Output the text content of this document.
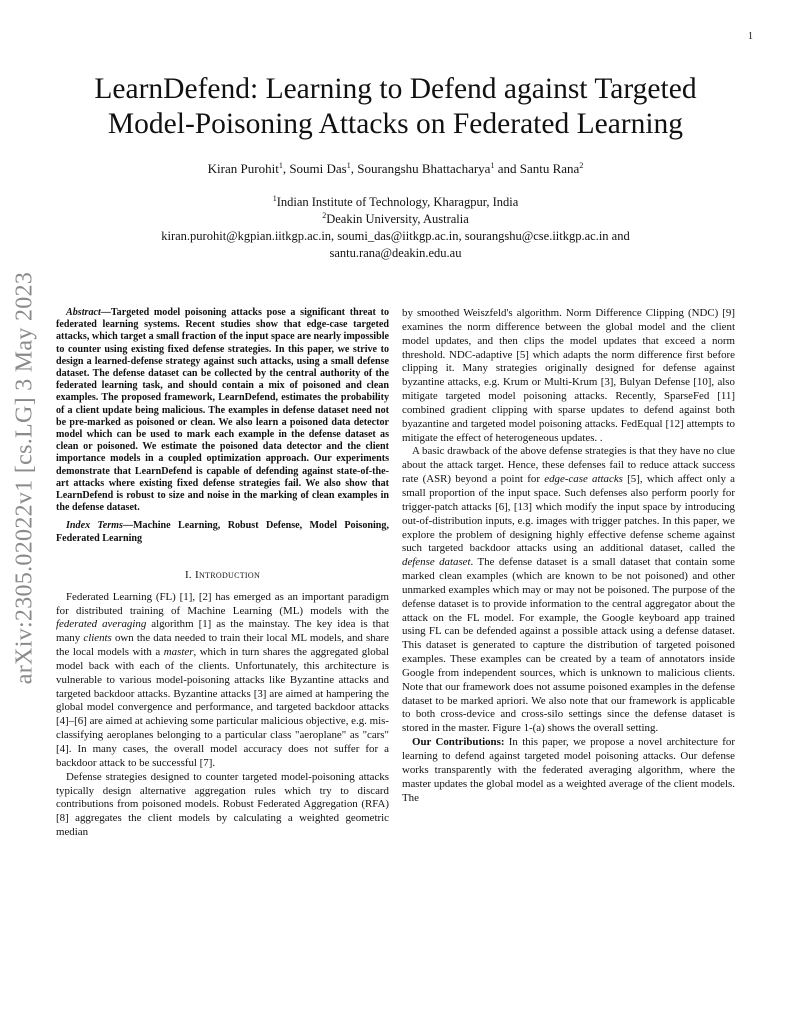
1
arXiv:2305.02022v1 [cs.LG] 3 May 2023
LearnDefend: Learning to Defend against Targeted
Model-Poisoning Attacks on Federated Learning
Kiran Purohit$^1$, Soumi Das$^1$, Sourangshu Bhattacharya$^1$ and Santu Rana$^2$
$^1$Indian Institute of Technology, Kharagpur, India
$^2$Deakin University, Australia
kiran.purohit@kgpian.iitkgp.ac.in, soumi_das@iitkgp.ac.in, sourangshu@cse.iitkgp.ac.in and
santu.rana@deakin.edu.au

Abstract—Targeted model poisoning attacks pose a significant threat to federated learning systems. Recent studies show that edge-case targeted attacks, which target a small fraction of the input space are nearly impossible to counter using existing fixed defense strategies. In this paper, we strive to design a learned-defense strategy against such attacks, using a small defense dataset. The defense dataset can be collected by the central authority of the federated learning task, and should contain a mix of poisoned and clean examples. The proposed framework, LearnDefend, estimates the probability of a client update being malicious. The examples in defense dataset need not be pre-marked as poisoned or clean. We also learn a poisoned data detector model which can be used to mark each example in the defense dataset as clean or poisoned. We estimate the poisoned data detector and the client importance models in a coupled optimization approach. Our experiments demonstrate that LearnDefend is capable of defending against state-of-the-art attacks where existing fixed defense strategies fail. We also show that LearnDefend is robust to size and noise in the marking of clean examples in the defense dataset.

Index Terms—Machine Learning, Robust Defense, Model Poisoning, Federated Learning

I. Introduction

Federated Learning (FL) [1], [2] has emerged as an important paradigm for distributed training of Machine Learning (ML) models with the federated averaging algorithm [1] as the mainstay. The key idea is that many clients own the data needed to train their local ML models, and share the local models with a master, which in turn shares the aggregated global model back with each of the clients. Unfortunately, this architecture is vulnerable to various model-poisoning attacks like Byzantine attacks and targeted backdoor attacks. Byzantine attacks [3] are aimed at hampering the global model convergence and performance, and targeted backdoor attacks [4]–[6] are aimed at achieving some particular malicious objective, e.g. mis-classifying aeroplanes belonging to a particular class "aeroplane" as "cars" [4]. In many cases, the overall model accuracy does not suffer for a backdoor attack to be successful [7].

Defense strategies designed to counter targeted model-poisoning attacks typically design alternative aggregation rules which try to discard contributions from poisoned models. Robust Federated Aggregation (RFA) [8] aggregates the client models by calculating a weighted geometric median

by smoothed Weiszfeld's algorithm. Norm Difference Clipping (NDC) [9] examines the norm difference between the global model and the client model updates, and then clips the model updates that exceed a norm threshold. NDC-adaptive [5] which adapts the norm difference first before clipping it. Many strategies originally designed for defense against byzantine attacks, e.g. Krum or Multi-Krum [3], Bulyan Defense [10], also mitigate targeted model poisoning attacks. Recently, SparseFed [11] combined gradient clipping with sparse updates to defend against both byazantine and targeted model poisoning attacks. FedEqual [12] attempts to mitigate the effect of heterogeneous updates. .

A basic drawback of the above defense strategies is that they have no clue about the attack target. Hence, these defenses fail to reduce attack success rate (ASR) beyond a point for edge-case attacks [5], which affect only a small proportion of the input space. Such defenses also perform poorly for trigger-patch attacks [6], [13] which modify the input space by introducing out-of-distribution inputs, e.g. images with trigger patches. In this paper, we explore the problem of designing highly effective defense scheme against such targeted backdoor attacks using an additional dataset, called the defense dataset. The defense dataset is a small dataset that contain some marked clean examples (which are known to be not poisoned) and other unmarked examples which may or may not be poisoned. The purpose of the defense dataset is to provide information to the central aggregator about the attack on the FL model. For example, the Google keyboard app trained using FL can be defended against a possible attack using a defense dataset. This dataset is generated to capture the distribution of targeted poisoned examples. These examples can be created by a team of annotators inside Google from independent sources, which is unknown to malicious clients. Note that our framework does not assume poisoned examples in the defense dataset to be marked apriori. We also note that our framework is applicable to both cross-device and cross-silo settings since the defense dataset is stored in the master. Figure 1-(a) shows the overall setting.

Our Contributions: In this paper, we propose a novel architecture for learning to defend against targeted model poisoning attacks. Our defense works transparently with the federated averaging algorithm, where the master updates the global model as a weighted average of the client models. The
